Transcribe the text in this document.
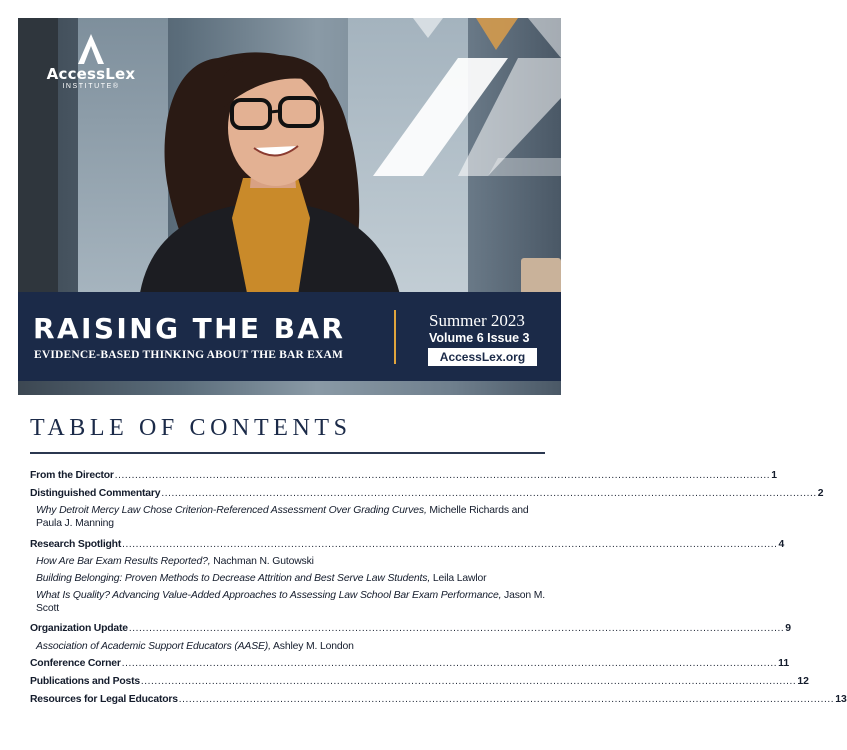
AccessLex
INSTITUTE®
RAISING THE BAR
EVIDENCE-BASED THINKING ABOUT THE BAR EXAM
Summer 2023
Volume 6 Issue 3
AccessLex.org
TABLE OF CONTENTS
From the Director .................................................................................................................................................................................................. 1
Distinguished Commentary .................................................................................................................................................................................................. 2
Why Detroit Mercy Law Chose Criterion-Referenced Assessment Over Grading Curves, Michelle Richards and Paula J. Manning
Research Spotlight .................................................................................................................................................................................................. 4
How Are Bar Exam Results Reported?, Nachman N. Gutowski
Building Belonging: Proven Methods to Decrease Attrition and Best Serve Law Students, Leila Lawlor
What Is Quality? Advancing Value-Added Approaches to Assessing Law School Bar Exam Performance, Jason M. Scott
Organization Update .................................................................................................................................................................................................. 9
Association of Academic Support Educators (AASE), Ashley M. London
Conference Corner .................................................................................................................................................................................................. 11
Publications and Posts .................................................................................................................................................................................................. 12
Resources for Legal Educators .................................................................................................................................................................................................. 13
